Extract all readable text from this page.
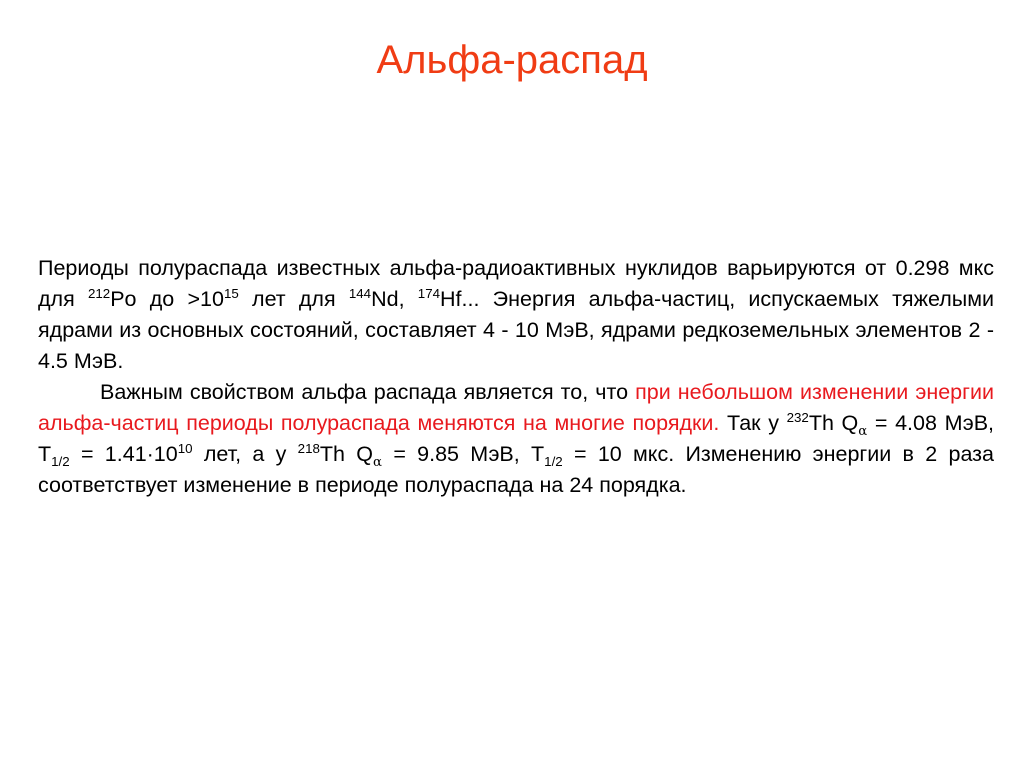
Альфа-распад

Периоды полураспада известных альфа-радиоактивных нуклидов варьируются от 0.298 мкс для $^{212}$Po до $>10^{15}$ лет для $^{144}$Nd, $^{174}$Hf... Энергия альфа-частиц, испускаемых тяжелыми ядрами из основных состояний, составляет 4 - 10 МэВ, ядрами редкоземельных элементов 2 - 4.5 МэВ.

Важным свойством альфа распада является то, что при небольшом изменении энергии альфа-частиц периоды полураспада меняются на многие порядки. Так у $^{232}$Th $Q_\alpha = 4.08$ МэВ, $T_{1/2} = 1.41\cdot 10^{10}$ лет, а у $^{218}$Th $Q_\alpha = 9.85$ МэВ, $T_{1/2} = 10$ мкс. Изменению энергии в 2 раза соответствует изменение в периоде полураспада на 24 порядка.
